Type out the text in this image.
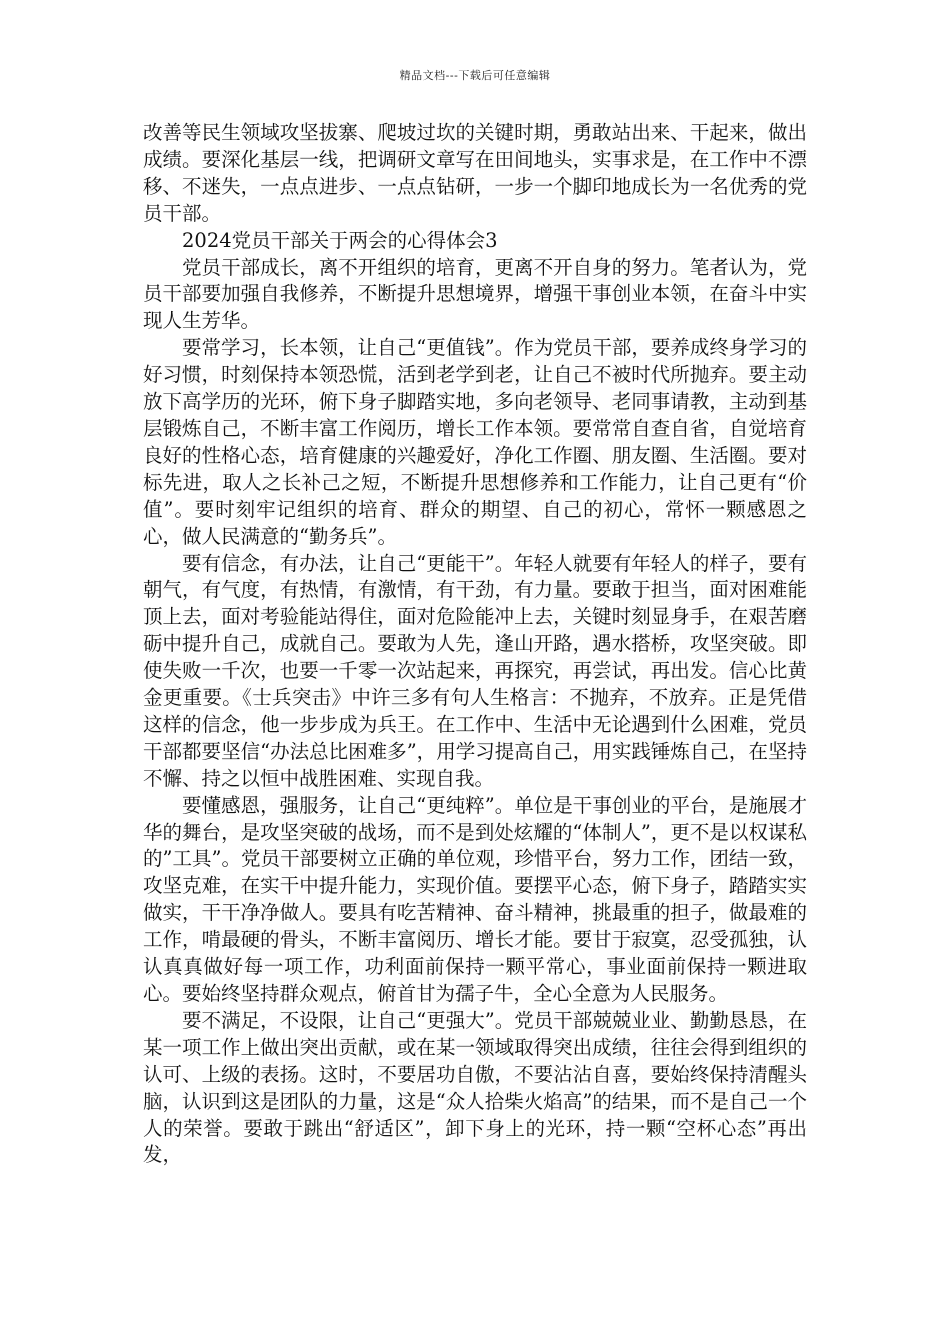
精品文档---下载后可任意编辑

改善等民生领域攻坚拔寨、爬坡过坎的关键时期，勇敢站出来、干起来，做出成绩。要深化基层一线，把调研文章写在田间地头，实事求是，在工作中不漂移、不迷失，一点点进步、一点点钻研，一步一个脚印地成长为一名优秀的党员干部。

2024党员干部关于两会的心得体会3

党员干部成长，离不开组织的培育，更离不开自身的努力。笔者认为，党员干部要加强自我修养，不断提升思想境界，增强干事创业本领，在奋斗中实现人生芳华。

要常学习，长本领，让自己“更值钱”。作为党员干部，要养成终身学习的好习惯，时刻保持本领恐慌，活到老学到老，让自己不被时代所抛弃。要主动放下高学历的光环，俯下身子脚踏实地，多向老领导、老同事请教，主动到基层锻炼自己，不断丰富工作阅历，增长工作本领。要常常自查自省，自觉培育良好的性格心态，培育健康的兴趣爱好，净化工作圈、朋友圈、生活圈。要对标先进，取人之长补己之短，不断提升思想修养和工作能力，让自己更有“价值”。要时刻牢记组织的培育、群众的期望、自己的初心，常怀一颗感恩之心，做人民满意的“勤务兵”。

要有信念，有办法，让自己“更能干”。年轻人就要有年轻人的样子，要有朝气，有气度，有热情，有激情，有干劲，有力量。要敢于担当，面对困难能顶上去，面对考验能站得住，面对危险能冲上去，关键时刻显身手，在艰苦磨砺中提升自己，成就自己。要敢为人先，逢山开路，遇水搭桥，攻坚突破。即使失败一千次，也要一千零一次站起来，再探究，再尝试，再出发。信心比黄金更重要。《士兵突击》中许三多有句人生格言：不抛弃，不放弃。正是凭借这样的信念，他一步步成为兵王。在工作中、生活中无论遇到什么困难，党员干部都要坚信“办法总比困难多”，用学习提高自己，用实践锤炼自己，在坚持不懈、持之以恒中战胜困难、实现自我。

要懂感恩，强服务，让自己“更纯粹”。单位是干事创业的平台，是施展才华的舞台，是攻坚突破的战场，而不是到处炫耀的“体制人”，更不是以权谋私的”工具”。党员干部要树立正确的单位观，珍惜平台，努力工作，团结一致，攻坚克难，在实干中提升能力，实现价值。要摆平心态，俯下身子，踏踏实实做实，干干净净做人。要具有吃苦精神、奋斗精神，挑最重的担子，做最难的工作，啃最硬的骨头，不断丰富阅历、增长才能。要甘于寂寞，忍受孤独，认认真真做好每一项工作，功利面前保持一颗平常心，事业面前保持一颗进取心。要始终坚持群众观点，俯首甘为孺子牛，全心全意为人民服务。

要不满足，不设限，让自己“更强大”。党员干部兢兢业业、勤勤恳恳，在某一项工作上做出突出贡献，或在某一领域取得突出成绩，往往会得到组织的认可、上级的表扬。这时，不要居功自傲，不要沾沾自喜，要始终保持清醒头脑，认识到这是团队的力量，这是“众人拾柴火焰高”的结果，而不是自己一个人的荣誉。要敢于跳出“舒适区”，卸下身上的光环，持一颗“空杯心态”再出发，
